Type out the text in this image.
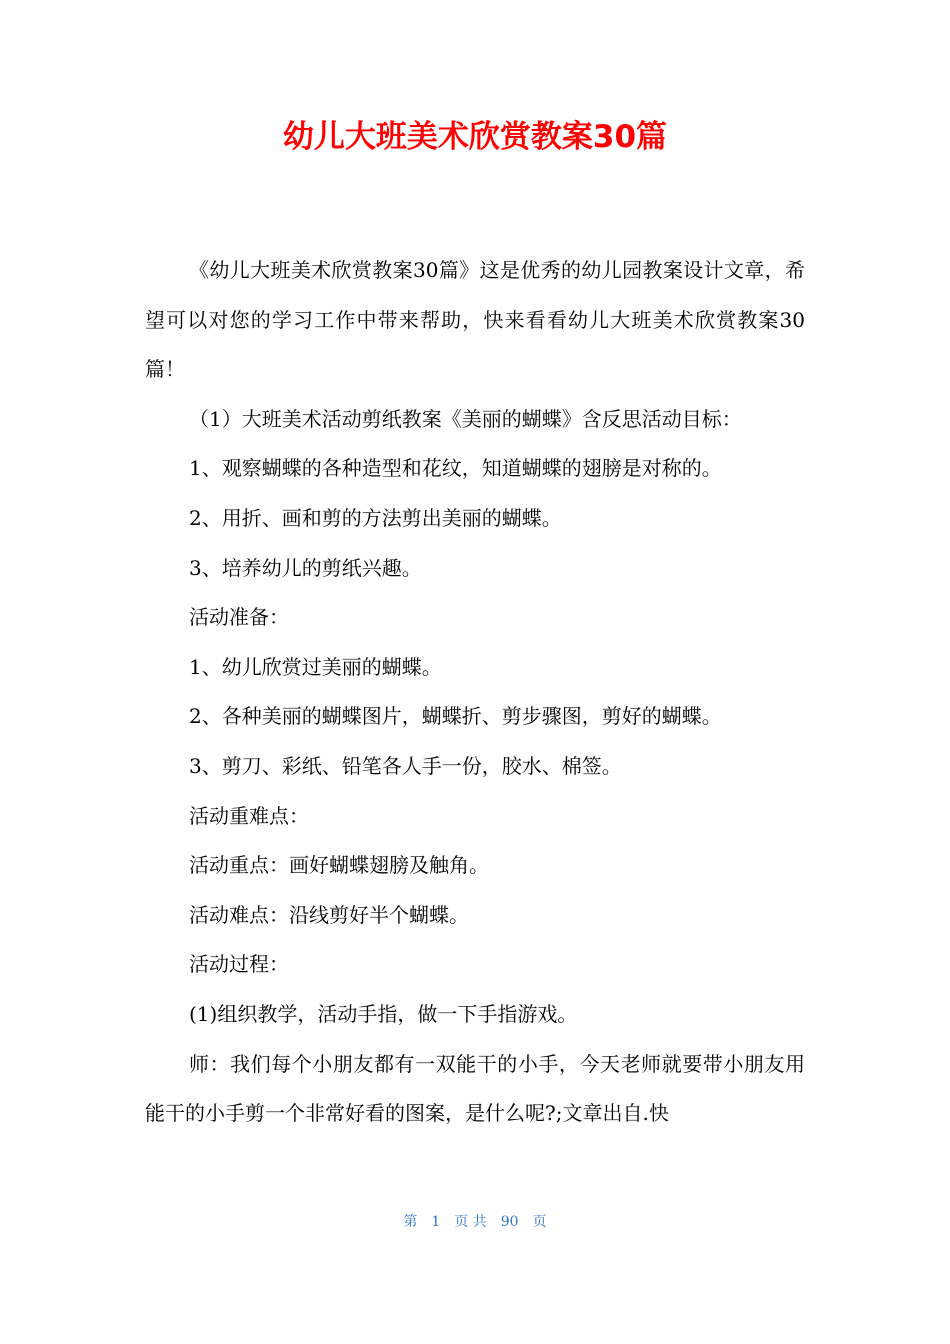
幼儿大班美术欣赏教案30篇

《幼儿大班美术欣赏教案30篇》这是优秀的幼儿园教案设计文章，希望可以对您的学习工作中带来帮助，快来看看幼儿大班美术欣赏教案30篇！

（1）大班美术活动剪纸教案《美丽的蝴蝶》含反思活动目标：

1、观察蝴蝶的各种造型和花纹，知道蝴蝶的翅膀是对称的。

2、用折、画和剪的方法剪出美丽的蝴蝶。

3、培养幼儿的剪纸兴趣。

活动准备：

1、幼儿欣赏过美丽的蝴蝶。

2、各种美丽的蝴蝶图片，蝴蝶折、剪步骤图，剪好的蝴蝶。

3、剪刀、彩纸、铅笔各人手一份，胶水、棉签。

活动重难点：

活动重点：画好蝴蝶翅膀及触角。

活动难点：沿线剪好半个蝴蝶。

活动过程：

(1)组织教学，活动手指，做一下手指游戏。

师：我们每个小朋友都有一双能干的小手，今天老师就要带小朋友用能干的小手剪一个非常好看的图案，是什么呢?;文章出自.快

第　1　页 共　90　页
